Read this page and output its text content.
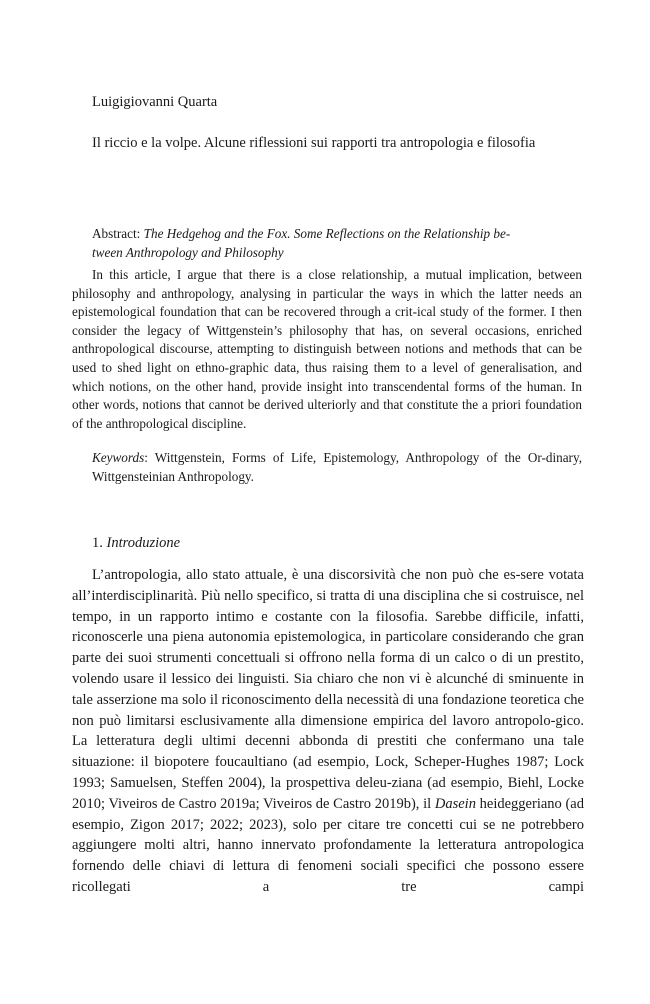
Luigigiovanni Quarta
Il riccio e la volpe. Alcune riflessioni sui rapporti tra antropologia e filosofia
Abstract: The Hedgehog and the Fox. Some Reflections on the Relationship be-
tween Anthropology and Philosophy
In this article, I argue that there is a close relationship, a mutual implication, between philosophy and anthropology, analysing in particular the ways in which the latter needs an epistemological foundation that can be recovered through a crit-ical study of the former. I then consider the legacy of Wittgenstein’s philosophy that has, on several occasions, enriched anthropological discourse, attempting to distinguish between notions and methods that can be used to shed light on ethno-graphic data, thus raising them to a level of generalisation, and which notions, on the other hand, provide insight into transcendental forms of the human. In other words, notions that cannot be derived ulteriorly and that constitute the a priori foundation of the anthropological discipline.
Keywords: Wittgenstein, Forms of Life, Epistemology, Anthropology of the Or-dinary, Wittgensteinian Anthropology.
1. Introduzione
L’antropologia, allo stato attuale, è una discorsività che non può che es-sere votata all’interdisciplinarità. Più nello specifico, si tratta di una disciplina che si costruisce, nel tempo, in un rapporto intimo e costante con la filosofia. Sarebbe difficile, infatti, riconoscerle una piena autonomia epistemologica, in particolare considerando che gran parte dei suoi strumenti concettuali si offrono nella forma di un calco o di un prestito, volendo usare il lessico dei linguisti. Sia chiaro che non vi è alcunché di sminuente in tale asserzione ma solo il riconoscimento della necessità di una fondazione teoretica che non può limitarsi esclusivamente alla dimensione empirica del lavoro antropolo-gico. La letteratura degli ultimi decenni abbonda di prestiti che confermano una tale situazione: il biopotere foucaultiano (ad esempio, Lock, Scheper-Hughes 1987; Lock 1993; Samuelsen, Steffen 2004), la prospettiva deleu-ziana (ad esempio, Biehl, Locke 2010; Viveiros de Castro 2019a; Viveiros de Castro 2019b), il Dasein heideggeriano (ad esempio, Zigon 2017; 2022; 2023), solo per citare tre concetti cui se ne potrebbero aggiungere molti altri, hanno innervato profondamente la letteratura antropologica fornendo delle chiavi di lettura di fenomeni sociali specifici che possono essere ricollegati a tre campi
